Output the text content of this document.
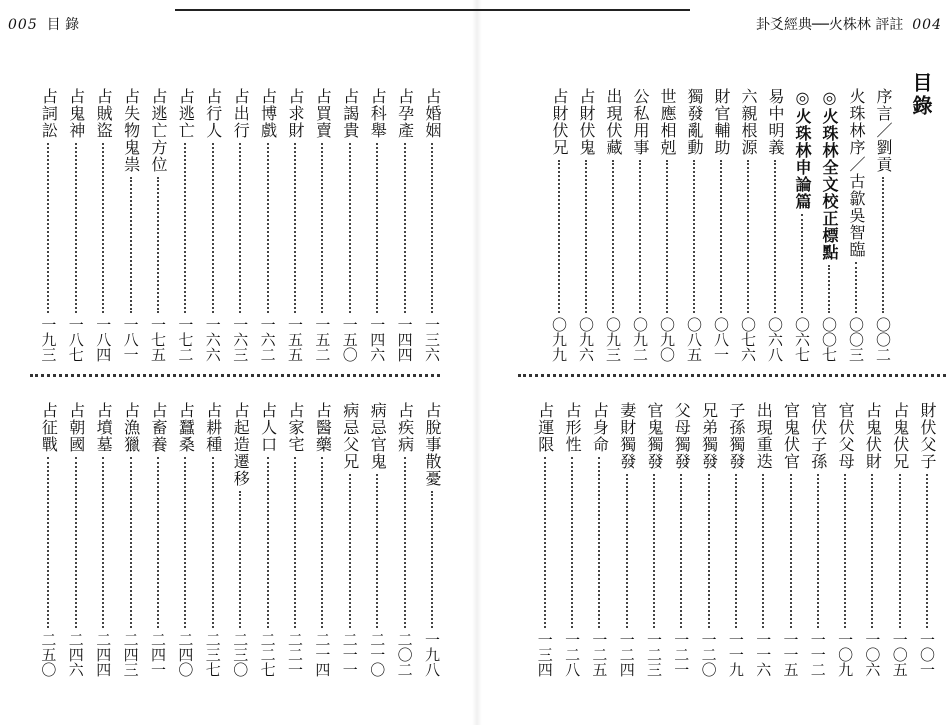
005 目 錄	卦爻經典──火株林 評註 004
目錄
序言／劉貢
〇〇二
火珠林序／古歙吳智臨
〇〇三
◎火珠林全文校正標點
〇〇七
◎火珠林申論篇
〇六七
易中明義
〇六八
六親根源
〇七六
財官輔助
〇八一
獨發亂動
〇八五
世應相剋
〇九〇
公私用事
〇九二
出現伏藏
〇九三
占財伏鬼
〇九六
占財伏兄
〇九九
財伏父子
一〇一
占鬼伏兄
一〇五
占鬼伏財
一〇六
官伏父母
一〇九
官伏子孫
一一二
官鬼伏官
一一五
出現重迭
一一六
子孫獨發
一一九
兄弟獨發
一二〇
父母獨發
一二一
官鬼獨發
一二三
妻財獨發
一二四
占身命
一二五
占形性
一二八
占運限
一三四
占婚姻
一三六
占孕產
一四四
占科舉
一四六
占謁貴
一五〇
占買賣
一五二
占求財
一五五
占博戲
一六二
占出行
一六三
占行人
一六六
占逃亡
一七二
占逃亡方位
一七五
占失物鬼祟
一八一
占賊盜
一八四
占鬼神
一八七
占詞訟
一九三
占脫事散憂
一九八
占疾病
二〇二
病忌官鬼
二一〇
病忌父兄
二一一
占醫藥
二一四
占家宅
二二一
占人口
二二七
占起造遷移
二三〇
占耕種
二三七
占蠶桑
二四〇
占畜養
二四一
占漁獵
二四三
占墳墓
二四四
占朝國
二四六
占征戰
二五〇
